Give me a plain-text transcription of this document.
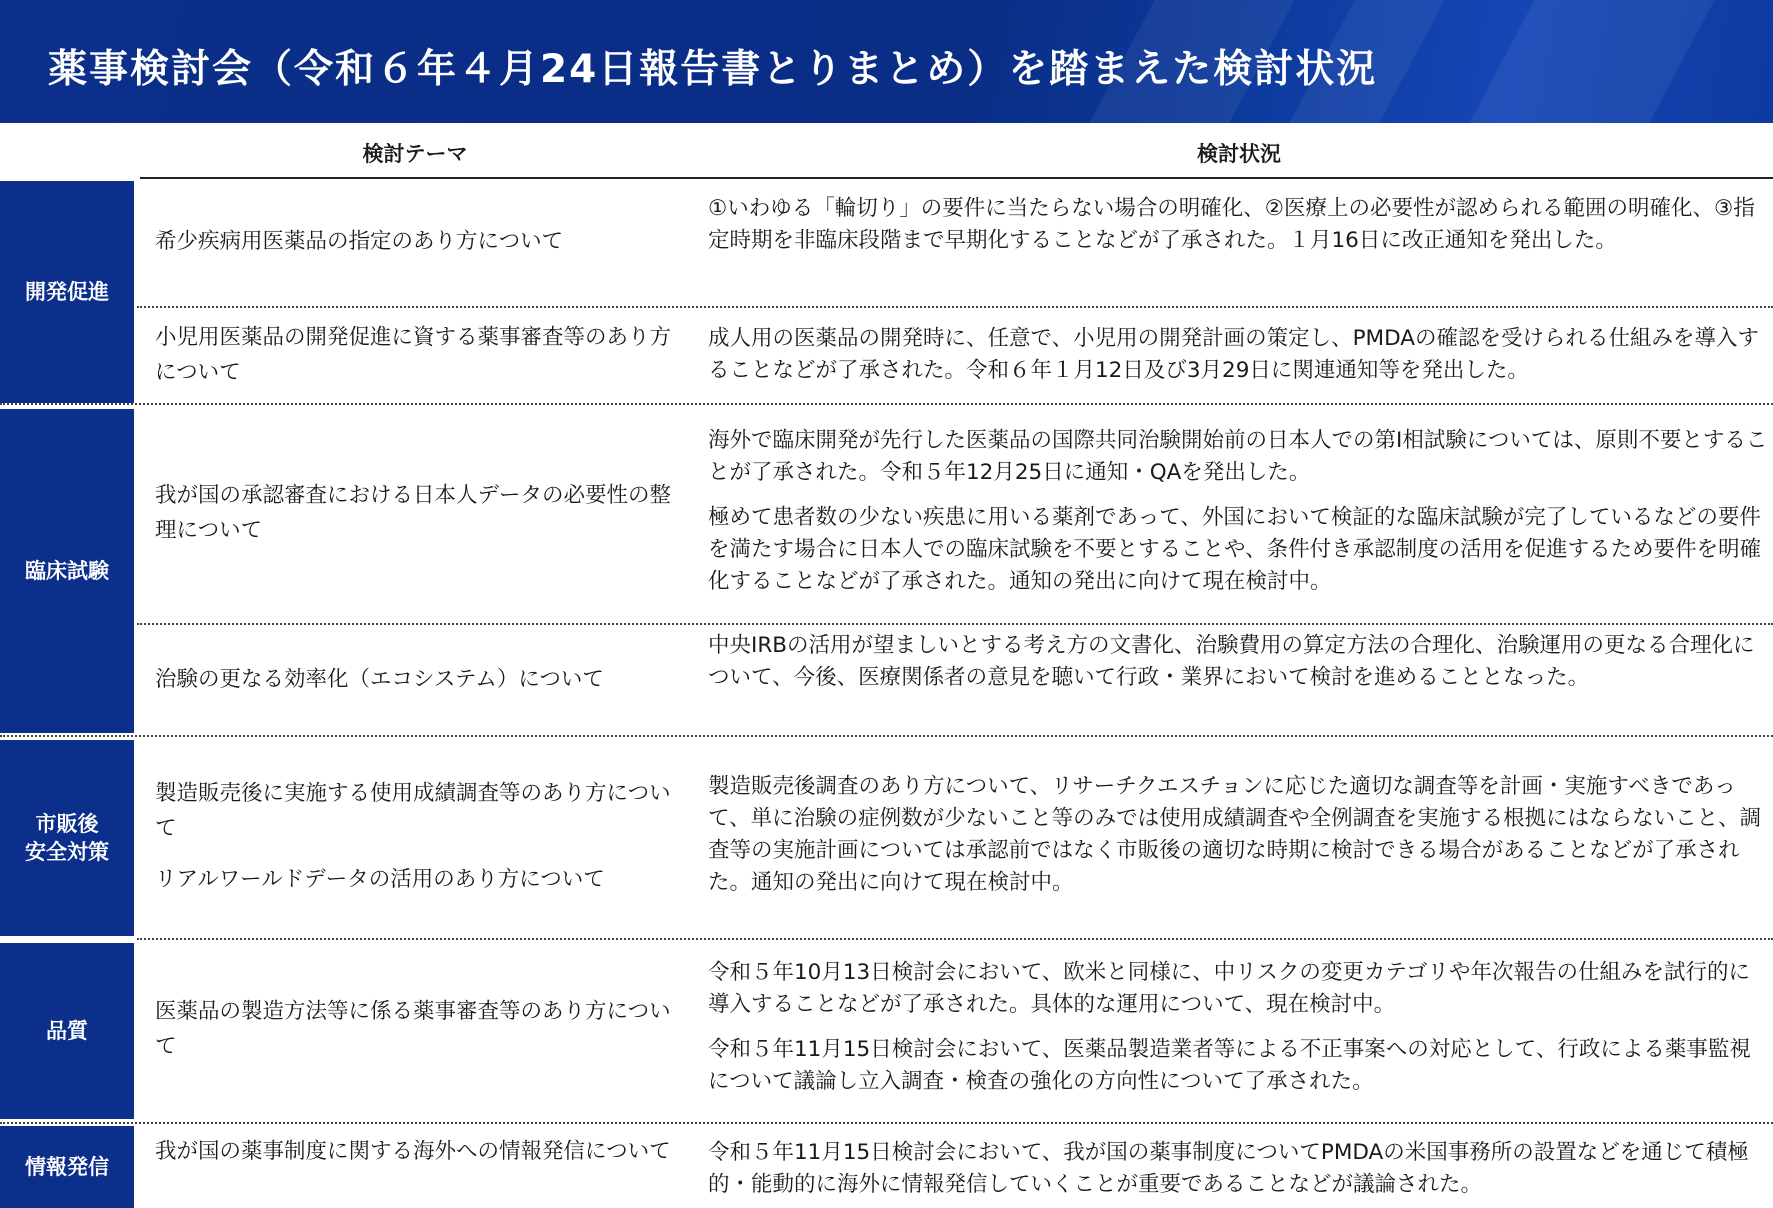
薬事検討会（令和６年４月24日報告書とりまとめ）を踏まえた検討状況
検討テーマ	検討状況
開発促進
臨床試験
市販後
安全対策
品質
情報発信
希少疾病用医薬品の指定のあり方について

①いわゆる「輪切り」の要件に当たらない場合の明確化、②医療上の必要性が認められる範囲の明確化、③指定時期を非臨床段階まで早期化することなどが了承された。１月16日に改正通知を発出した。

小児用医薬品の開発促進に資する薬事審査等のあり方について

成人用の医薬品の開発時に、任意で、小児用の開発計画の策定し、PMDAの確認を受けられる仕組みを導入することなどが了承された。令和６年１月12日及び3月29日に関連通知等を発出した。

我が国の承認審査における日本人データの必要性の整理について

海外で臨床開発が先行した医薬品の国際共同治験開始前の日本人での第Ⅰ相試験については、原則不要とすることが了承された。令和５年12月25日に通知・QAを発出した。

極めて患者数の少ない疾患に用いる薬剤であって、外国において検証的な臨床試験が完了しているなどの要件を満たす場合に日本人での臨床試験を不要とすることや、条件付き承認制度の活用を促進するため要件を明確化することなどが了承された。通知の発出に向けて現在検討中。

治験の更なる効率化（エコシステム）について

中央IRBの活用が望ましいとする考え方の文書化、治験費用の算定方法の合理化、治験運用の更なる合理化について、今後、医療関係者の意見を聴いて行政・業界において検討を進めることとなった。

製造販売後に実施する使用成績調査等のあり方について
リアルワールドデータの活用のあり方について

製造販売後調査のあり方について、リサーチクエスチョンに応じた適切な調査等を計画・実施すべきであって、単に治験の症例数が少ないこと等のみでは使用成績調査や全例調査を実施する根拠にはならないこと、調査等の実施計画については承認前ではなく市販後の適切な時期に検討できる場合があることなどが了承された。通知の発出に向けて現在検討中。

医薬品の製造方法等に係る薬事審査等のあり方について

令和５年10月13日検討会において、欧米と同様に、中リスクの変更カテゴリや年次報告の仕組みを試行的に導入することなどが了承された。具体的な運用について、現在検討中。

令和５年11月15日検討会において、医薬品製造業者等による不正事案への対応として、行政による薬事監視について議論し立入調査・検査の強化の方向性について了承された。

我が国の薬事制度に関する海外への情報発信について 令和５年11月15日検討会において、我が国の薬事制度についてPMDAの米国事務所の設置などを通じて積極的・能動的に海外に情報発信していくことが重要であることなどが議論された。
